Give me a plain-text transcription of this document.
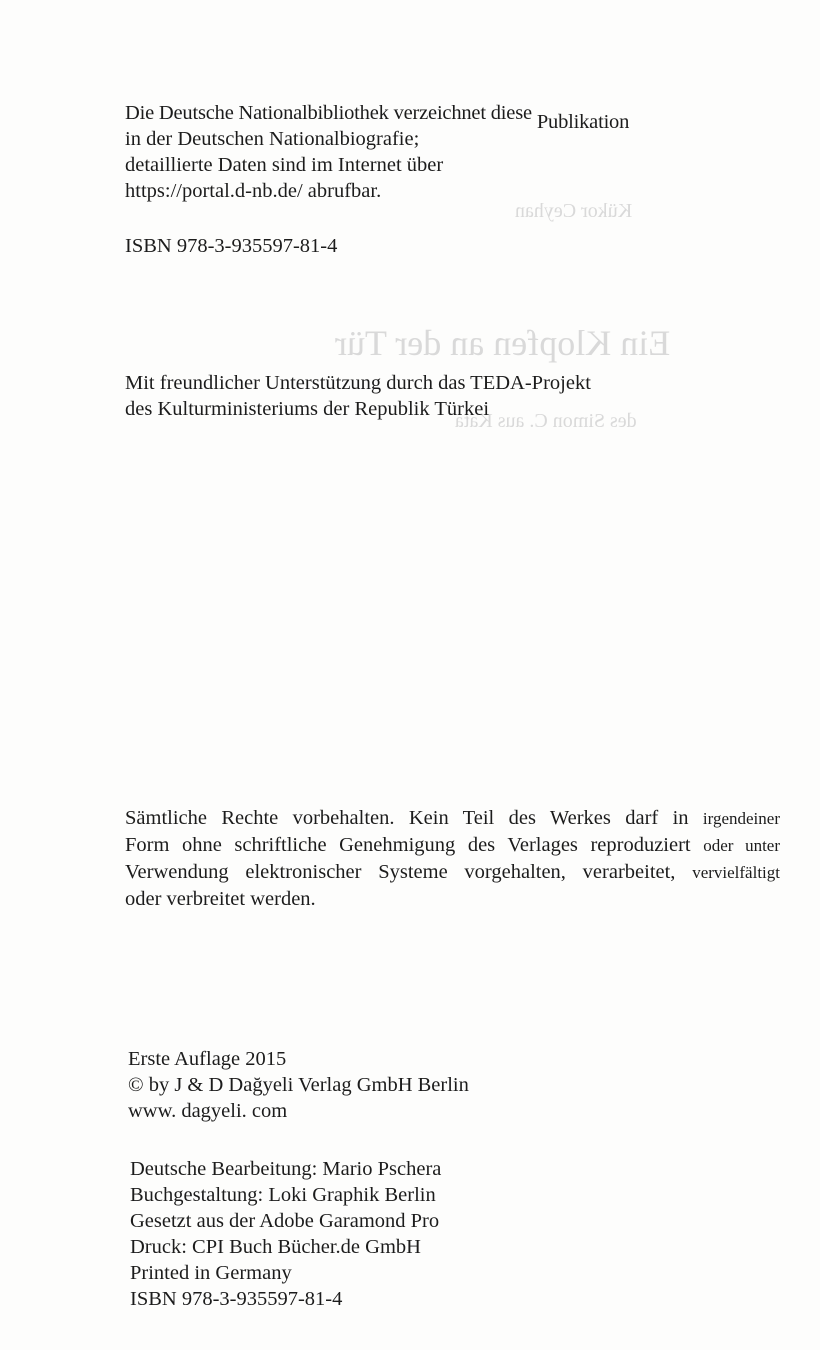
Kükor Ceyhan
Ein Klopfen an der Tür
des Simon C. aus Kata
Die Deutsche Nationalbibliothek verzeichnet diese Publikation
in der Deutschen Nationalbiografie;
detaillierte Daten sind im Internet über
https://portal.d-nb.de/ abrufbar.
ISBN 978-3-935597-81-4
Mit freundlicher Unterstützung durch das TEDA-Projekt
des Kulturministeriums der Republik Türkei
Sämtliche Rechte vorbehalten. Kein Teil des Werkes darf in irgendeiner
Form ohne schriftliche Genehmigung des Verlages reproduziert oder unter
Verwendung elektronischer Systeme vorgehalten, verarbeitet, vervielfältigt
oder verbreitet werden.
Erste Auflage 2015
© by J & D Dağyeli Verlag GmbH Berlin
www. dagyeli. com
Deutsche Bearbeitung: Mario Pschera
Buchgestaltung: Loki Graphik Berlin
Gesetzt aus der Adobe Garamond Pro
Druck: CPI Buch Bücher.de GmbH
Printed in Germany
ISBN 978-3-935597-81-4
